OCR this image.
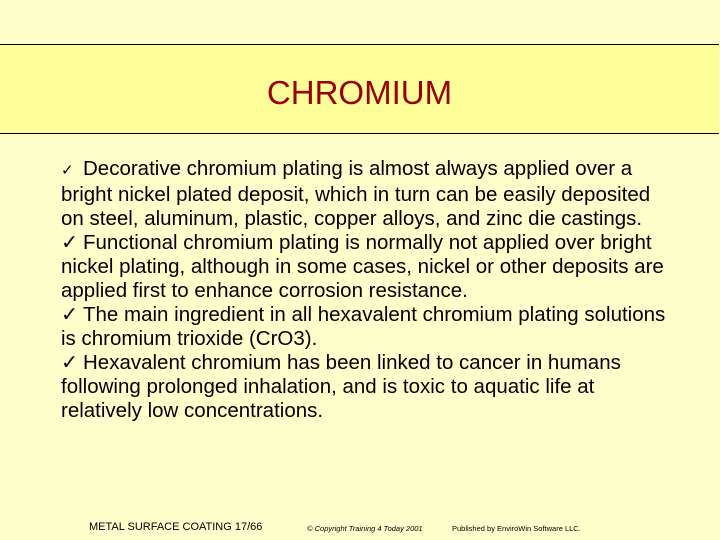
CHROMIUM

✓ Decorative chromium plating is almost always applied over a bright nickel plated deposit, which in turn can be easily deposited on steel, aluminum, plastic, copper alloys, and zinc die castings.

✓ Functional chromium plating is normally not applied over bright nickel plating, although in some cases, nickel or other deposits are applied first to enhance corrosion resistance.

✓ The main ingredient in all hexavalent chromium plating solutions is chromium trioxide (CrO3).

✓ Hexavalent chromium has been linked to cancer in humans following prolonged inhalation, and is toxic to aquatic life at relatively low concentrations.

METAL SURFACE COATING 17/66	© Copyright Training 4 Today 2001	Published by EnviroWin Software LLC.
